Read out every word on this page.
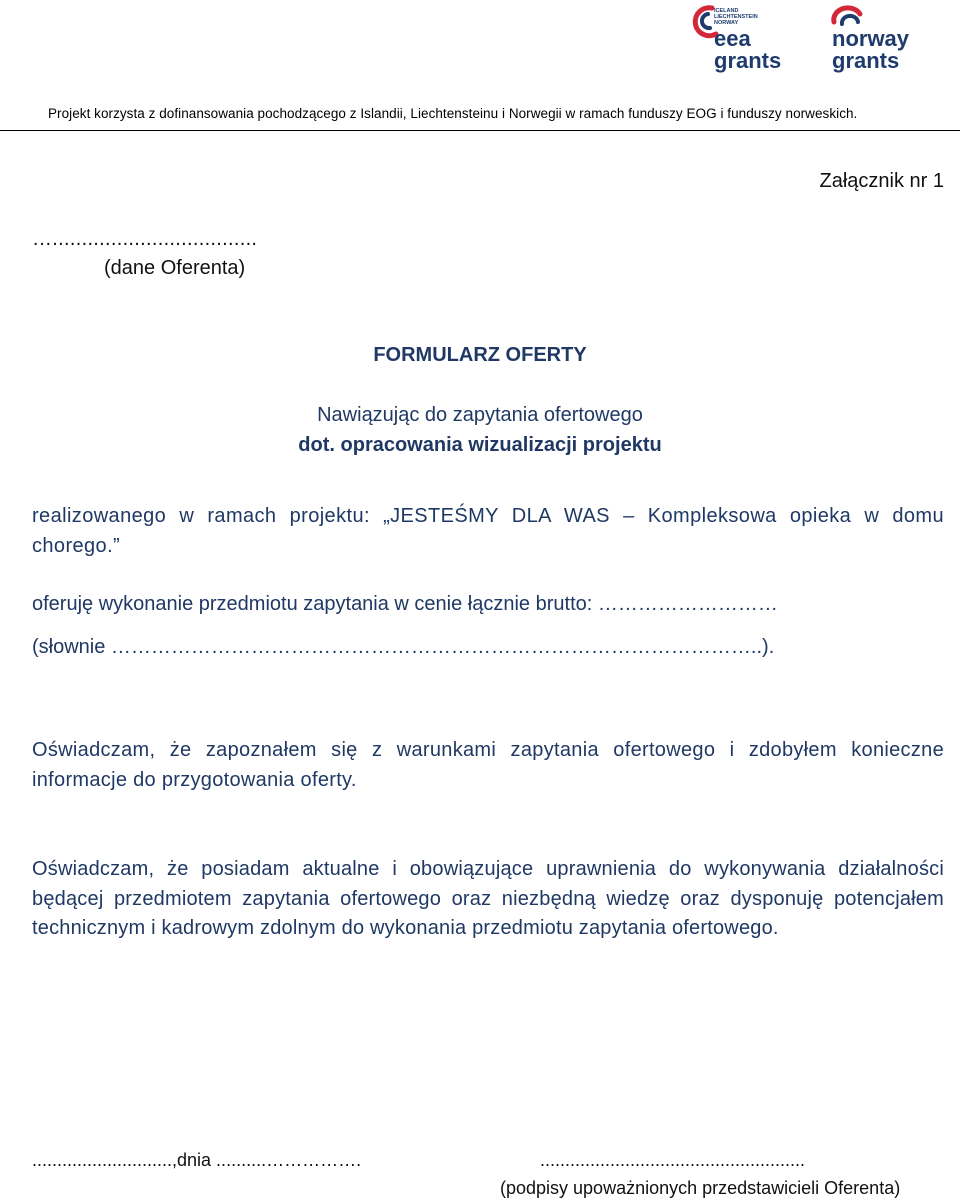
ICELAND
LIECHTENSTEIN
NORWAY
eea
grants
norway
grants
Projekt korzysta z dofinansowania pochodzącego z Islandii, Liechtensteinu i Norwegii w ramach funduszy EOG i funduszy norweskich.
Załącznik nr 1
…...................................
(dane Oferenta)
FORMULARZ OFERTY
Nawiązując do zapytania ofertowego
dot. opracowania wizualizacji projektu
realizowanego w ramach projektu: „JESTEŚMY DLA WAS – Kompleksowa opieka w domu chorego.”
oferuję wykonanie przedmiotu zapytania w cenie łącznie brutto: ………………………
(słownie ……………………………………………………………………………………..).
Oświadczam, że zapoznałem się z warunkami zapytania ofertowego i zdobyłem konieczne informacje do przygotowania oferty.
Oświadczam, że posiadam aktualne i obowiązujące uprawnienia do wykonywania działalności będącej przedmiotem zapytania ofertowego oraz niezbędną wiedzę oraz dysponuję potencjałem technicznym i kadrowym zdolnym do wykonania przedmiotu zapytania ofertowego.
............................,dnia ..........…………….	.....................................................
(podpisy upoważnionych przedstawicieli Oferenta)
